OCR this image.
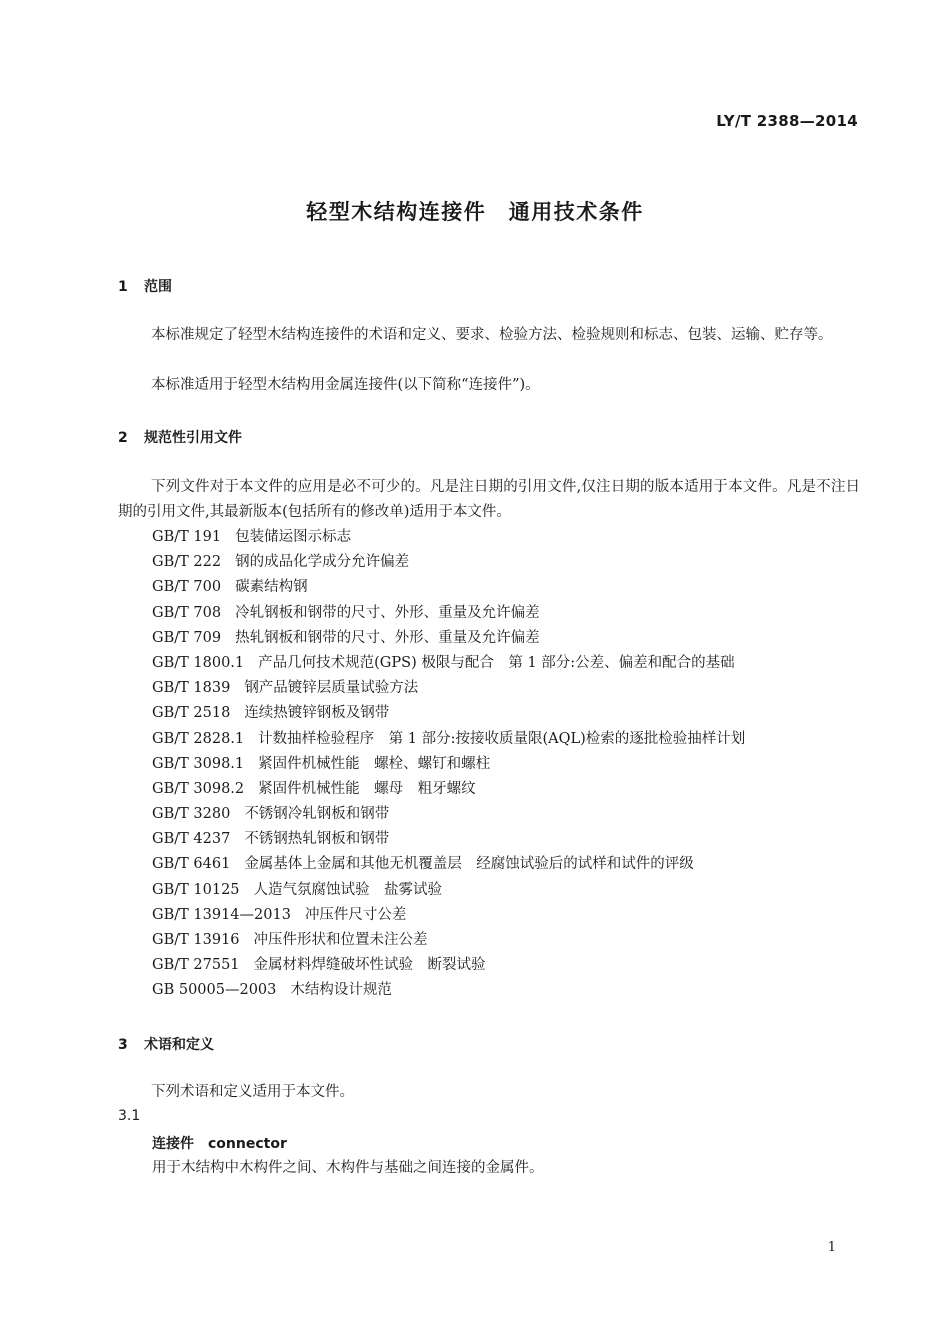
LY/T 2388—2014
轻型木结构连接件　通用技术条件
1 范围
本标准规定了轻型木结构连接件的术语和定义、要求、检验方法、检验规则和标志、包装、运输、贮存等。
本标准适用于轻型木结构用金属连接件(以下简称“连接件”)。
2 规范性引用文件
下列文件对于本文件的应用是必不可少的。凡是注日期的引用文件,仅注日期的版本适用于本文件。凡是不注日期的引用文件,其最新版本(包括所有的修改单)适用于本文件。
GB/T 191 包装储运图示标志
GB/T 222 钢的成品化学成分允许偏差
GB/T 700 碳素结构钢
GB/T 708 冷轧钢板和钢带的尺寸、外形、重量及允许偏差
GB/T 709 热轧钢板和钢带的尺寸、外形、重量及允许偏差
GB/T 1800.1 产品几何技术规范(GPS) 极限与配合　第 1 部分:公差、偏差和配合的基础
GB/T 1839 钢产品镀锌层质量试验方法
GB/T 2518 连续热镀锌钢板及钢带
GB/T 2828.1 计数抽样检验程序　第 1 部分:按接收质量限(AQL)检索的逐批检验抽样计划
GB/T 3098.1 紧固件机械性能　螺栓、螺钉和螺柱
GB/T 3098.2 紧固件机械性能　螺母　粗牙螺纹
GB/T 3280 不锈钢冷轧钢板和钢带
GB/T 4237 不锈钢热轧钢板和钢带
GB/T 6461 金属基体上金属和其他无机覆盖层　经腐蚀试验后的试样和试件的评级
GB/T 10125 人造气氛腐蚀试验　盐雾试验
GB/T 13914—2013 冲压件尺寸公差
GB/T 13916 冲压件形状和位置未注公差
GB/T 27551 金属材料焊缝破坏性试验　断裂试验
GB 50005—2003 木结构设计规范
3 术语和定义
下列术语和定义适用于本文件。
3.1
连接件 connector
用于木结构中木构件之间、木构件与基础之间连接的金属件。
1
